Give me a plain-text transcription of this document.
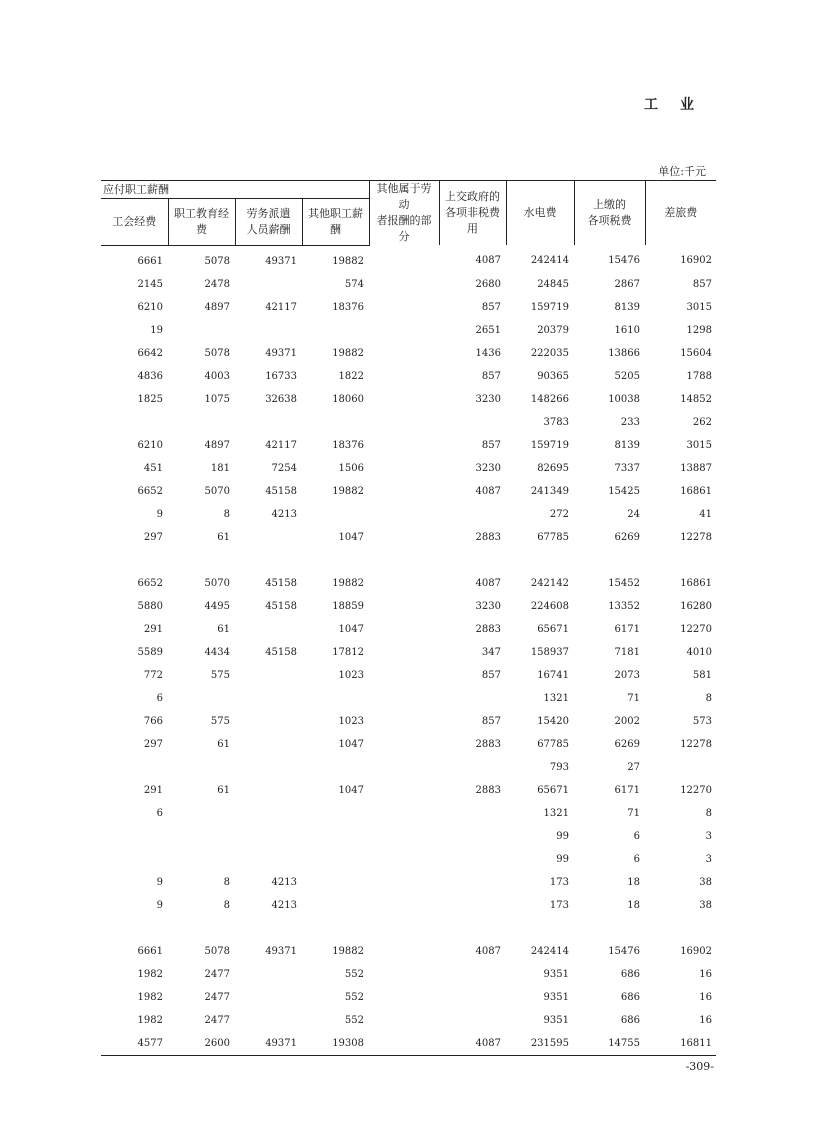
工业
单位:千元
应付职工薪酬				其他属于劳动
者报酬的部分	上交政府的
各项非税费用	水电费	上缴的
各项税费	差旅费
工会经费	职工教育经费	劳务派遣
人员薪酬	其他职工薪酬					
6661	5078	49371	19882		4087	242414	15476	16902
2145	2478		574		2680	24845	2867	857
6210	4897	42117	18376		857	159719	8139	3015
19					2651	20379	1610	1298
6642	5078	49371	19882		1436	222035	13866	15604
4836	4003	16733	1822		857	90365	5205	1788
1825	1075	32638	18060		3230	148266	10038	14852
						3783	233	262
6210	4897	42117	18376		857	159719	8139	3015
451	181	7254	1506		3230	82695	7337	13887
6652	5070	45158	19882		4087	241349	15425	16861
9	8	4213				272	24	41
297	61		1047		2883	67785	6269	12278

6652	5070	45158	19882		4087	242142	15452	16861
5880	4495	45158	18859		3230	224608	13352	16280
291	61		1047		2883	65671	6171	12270
5589	4434	45158	17812		347	158937	7181	4010
772	575		1023		857	16741	2073	581
6						1321	71	8
766	575		1023		857	15420	2002	573
297	61		1047		2883	67785	6269	12278
						793	27	
291	61		1047		2883	65671	6171	12270
6						1321	71	8
						99	6	3
						99	6	3
9	8	4213				173	18	38
9	8	4213				173	18	38

6661	5078	49371	19882		4087	242414	15476	16902
1982	2477		552			9351	686	16
1982	2477		552			9351	686	16
1982	2477		552			9351	686	16
4577	2600	49371	19308		4087	231595	14755	16811
-309-
